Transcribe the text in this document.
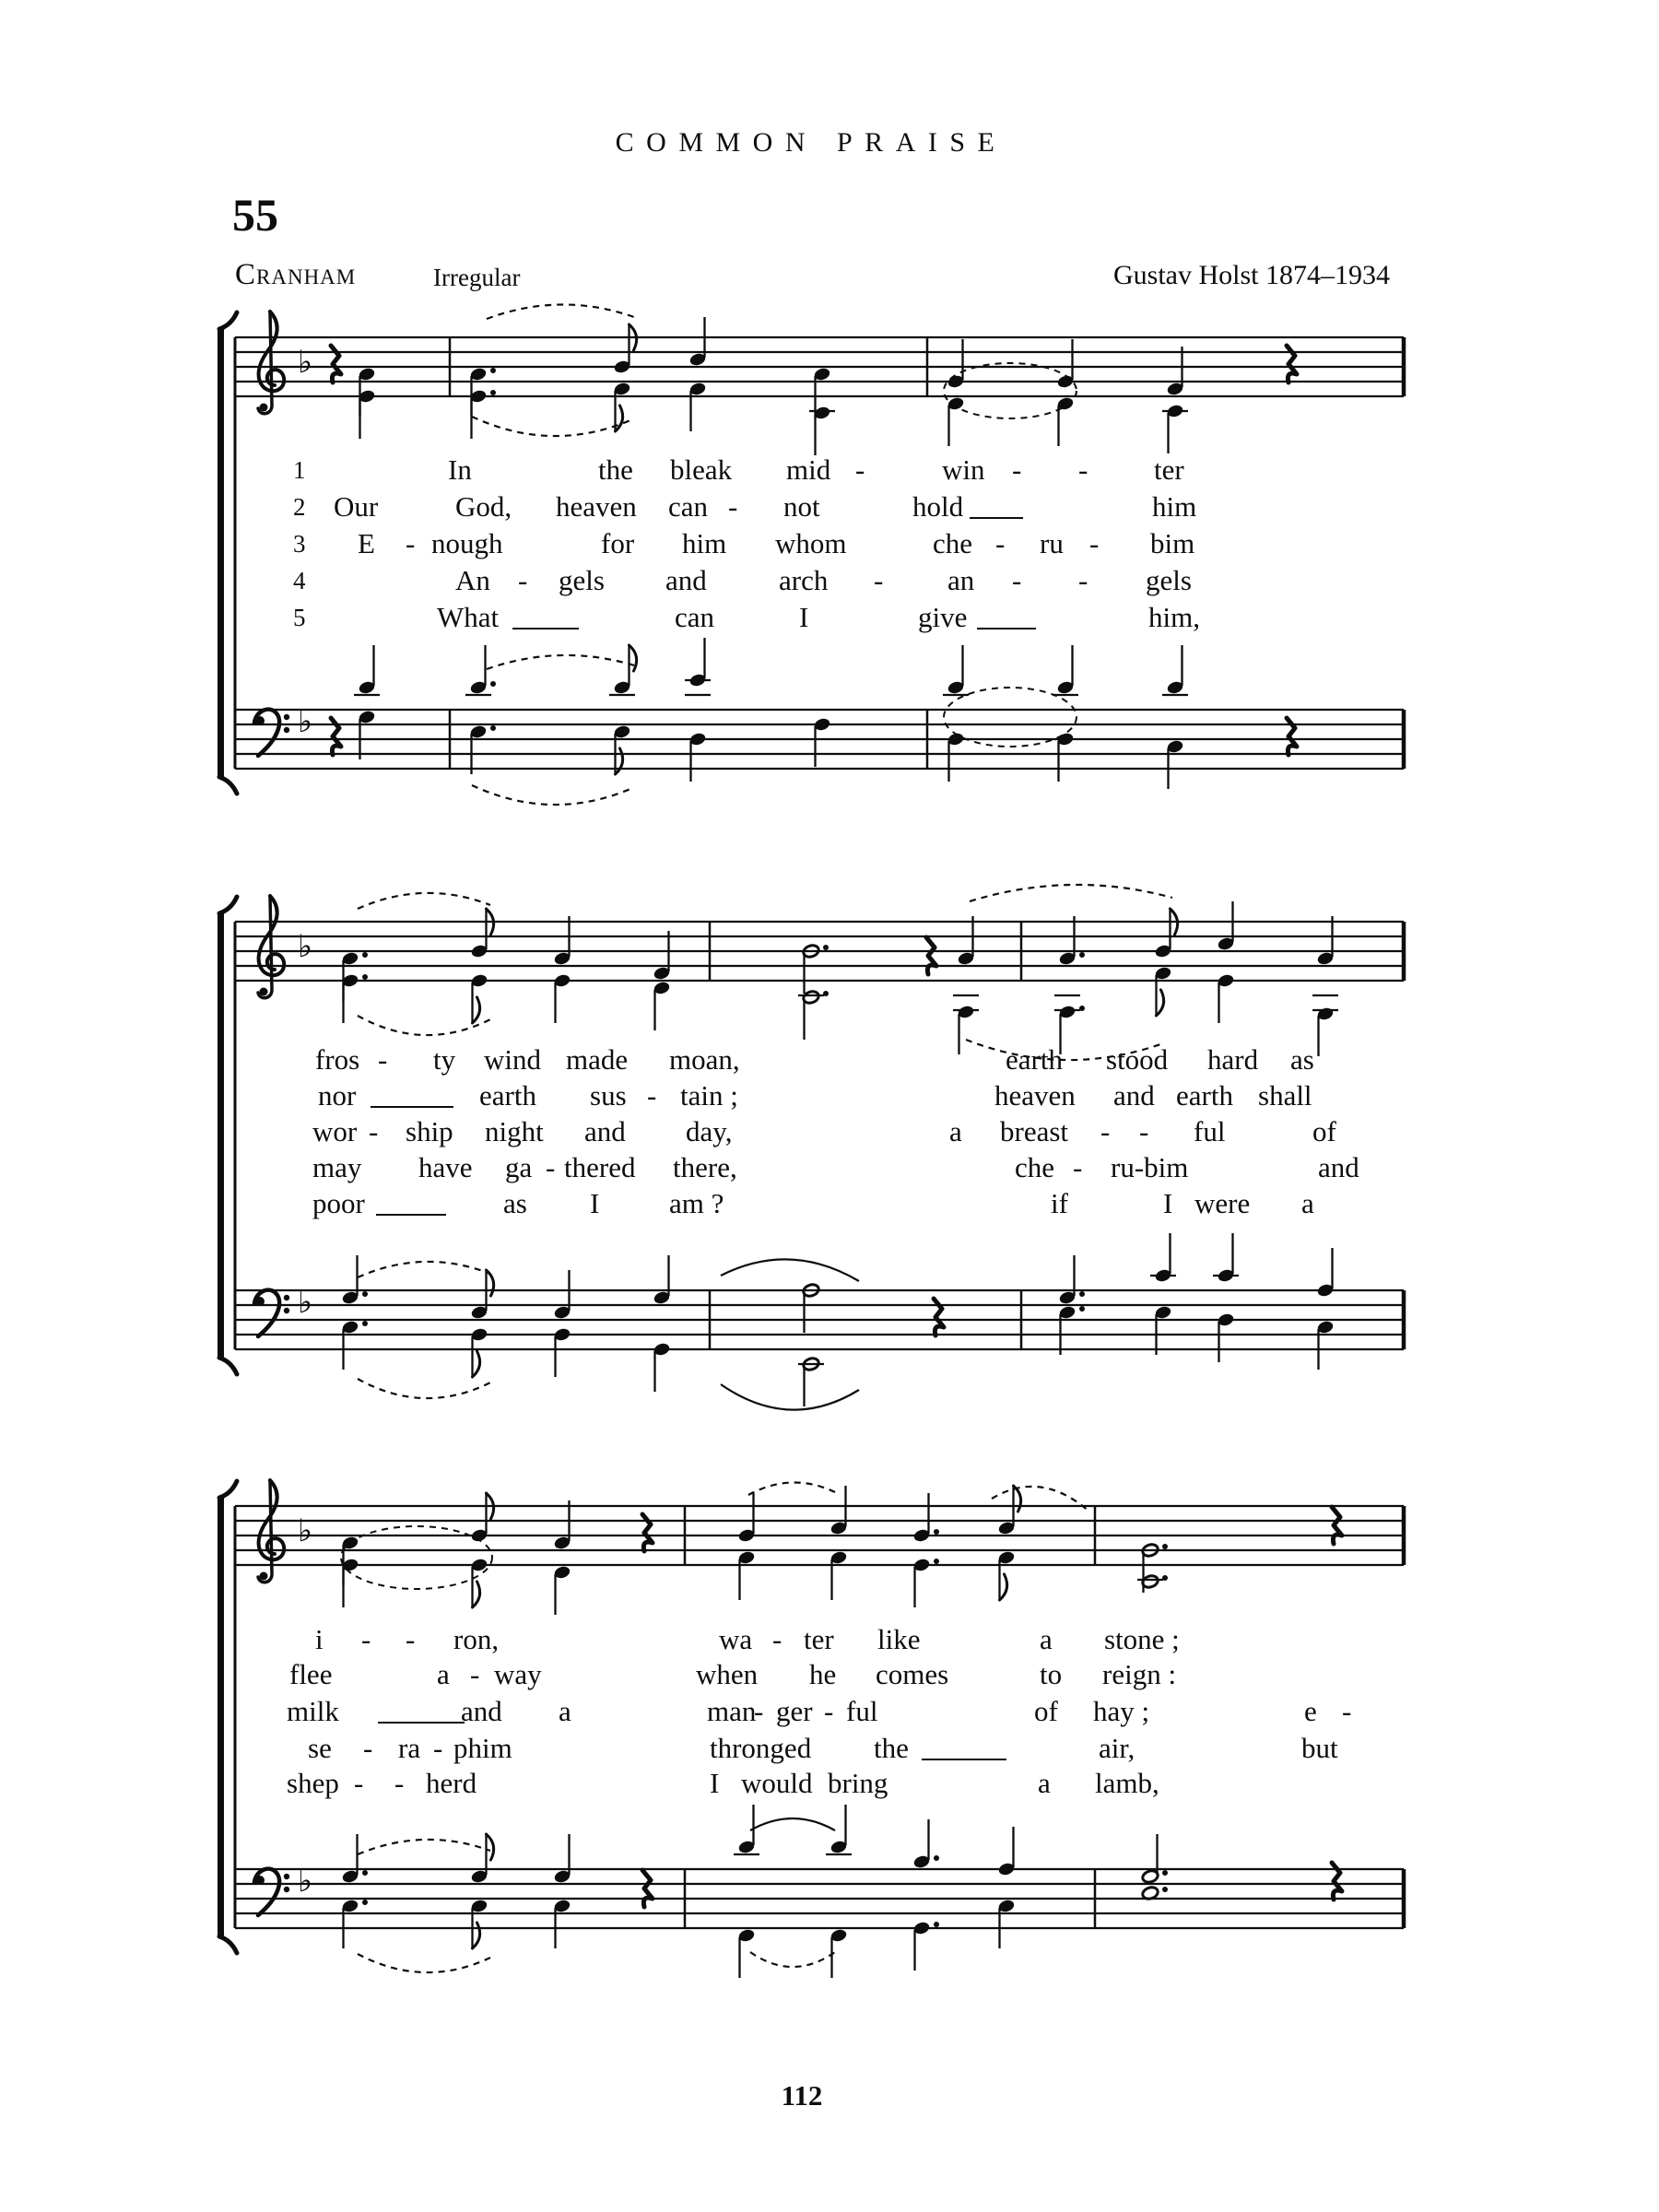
COMMON PRAISE
55
Cranham	Irregular	Gustav Holst 1874–1934
♭
♭
♭
♭
♭
♭
1	In	the bleak mid -	win - - ter
2 Our	God, heaven can - not	hold	him
3 E - nough	for him whom	che - ru - bim
4	An - gels and	arch - an - - gels
5	What	can	I	give	him,
fros - ty wind made moan,	earth stood hard as
nor	earth sus - tain ;	heaven and earth shall
wor - ship night and day,	a breast - - ful	of
may have ga - thered there,	che - ru-bim	and
poor	as I am ?	if	I were a
i - - ron,	wa - ter like	a stone ;
flee	a - way	when he comes	to reign :
milk	and a	man
- ger - ful	of hay ;	e -
se - ra - phim	thronged the	air,	but
shep - - herd	I would bring	a lamb,
112
